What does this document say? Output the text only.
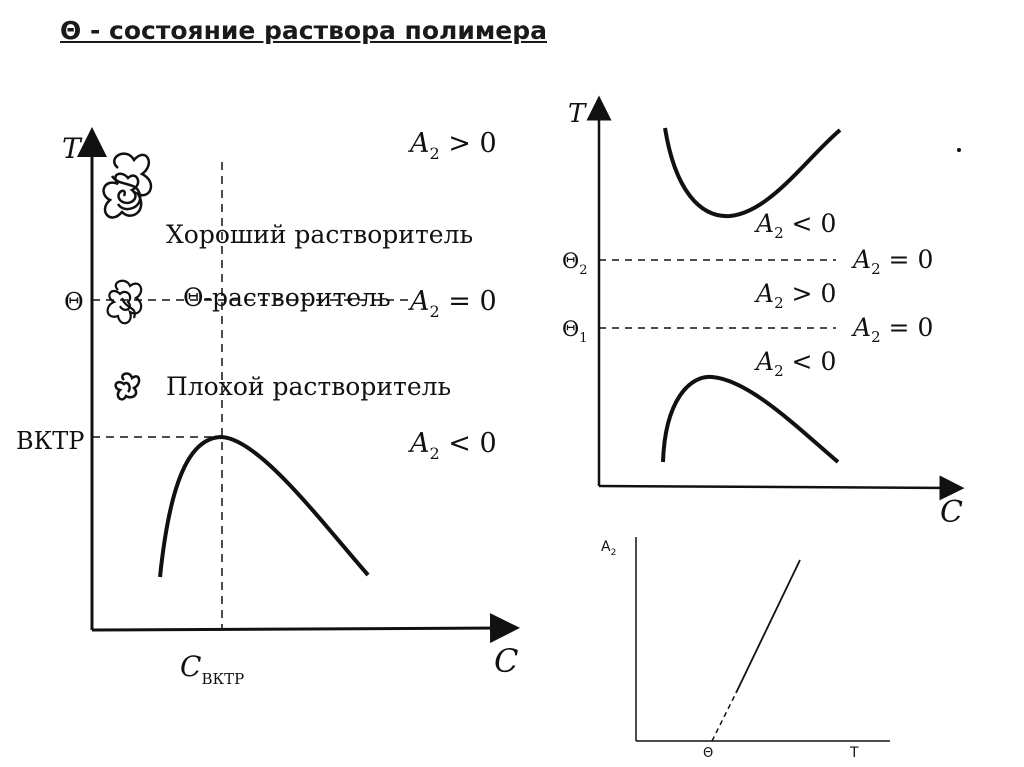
Θ - состояние раствора полимера
T
C
Θ
ВКТР
$C_{ВКТР}$
Хороший растворитель
Θ-растворитель
Плохой растворитель
$A_2 > 0$
$A_2 = 0$
$A_2 < 0$
T
C
$\Theta_2$
$\Theta_1$
$A_2 < 0$
$A_2 = 0$
$A_2 > 0$
$A_2 = 0$
$A_2 < 0$
$A_2$
T
Θ
